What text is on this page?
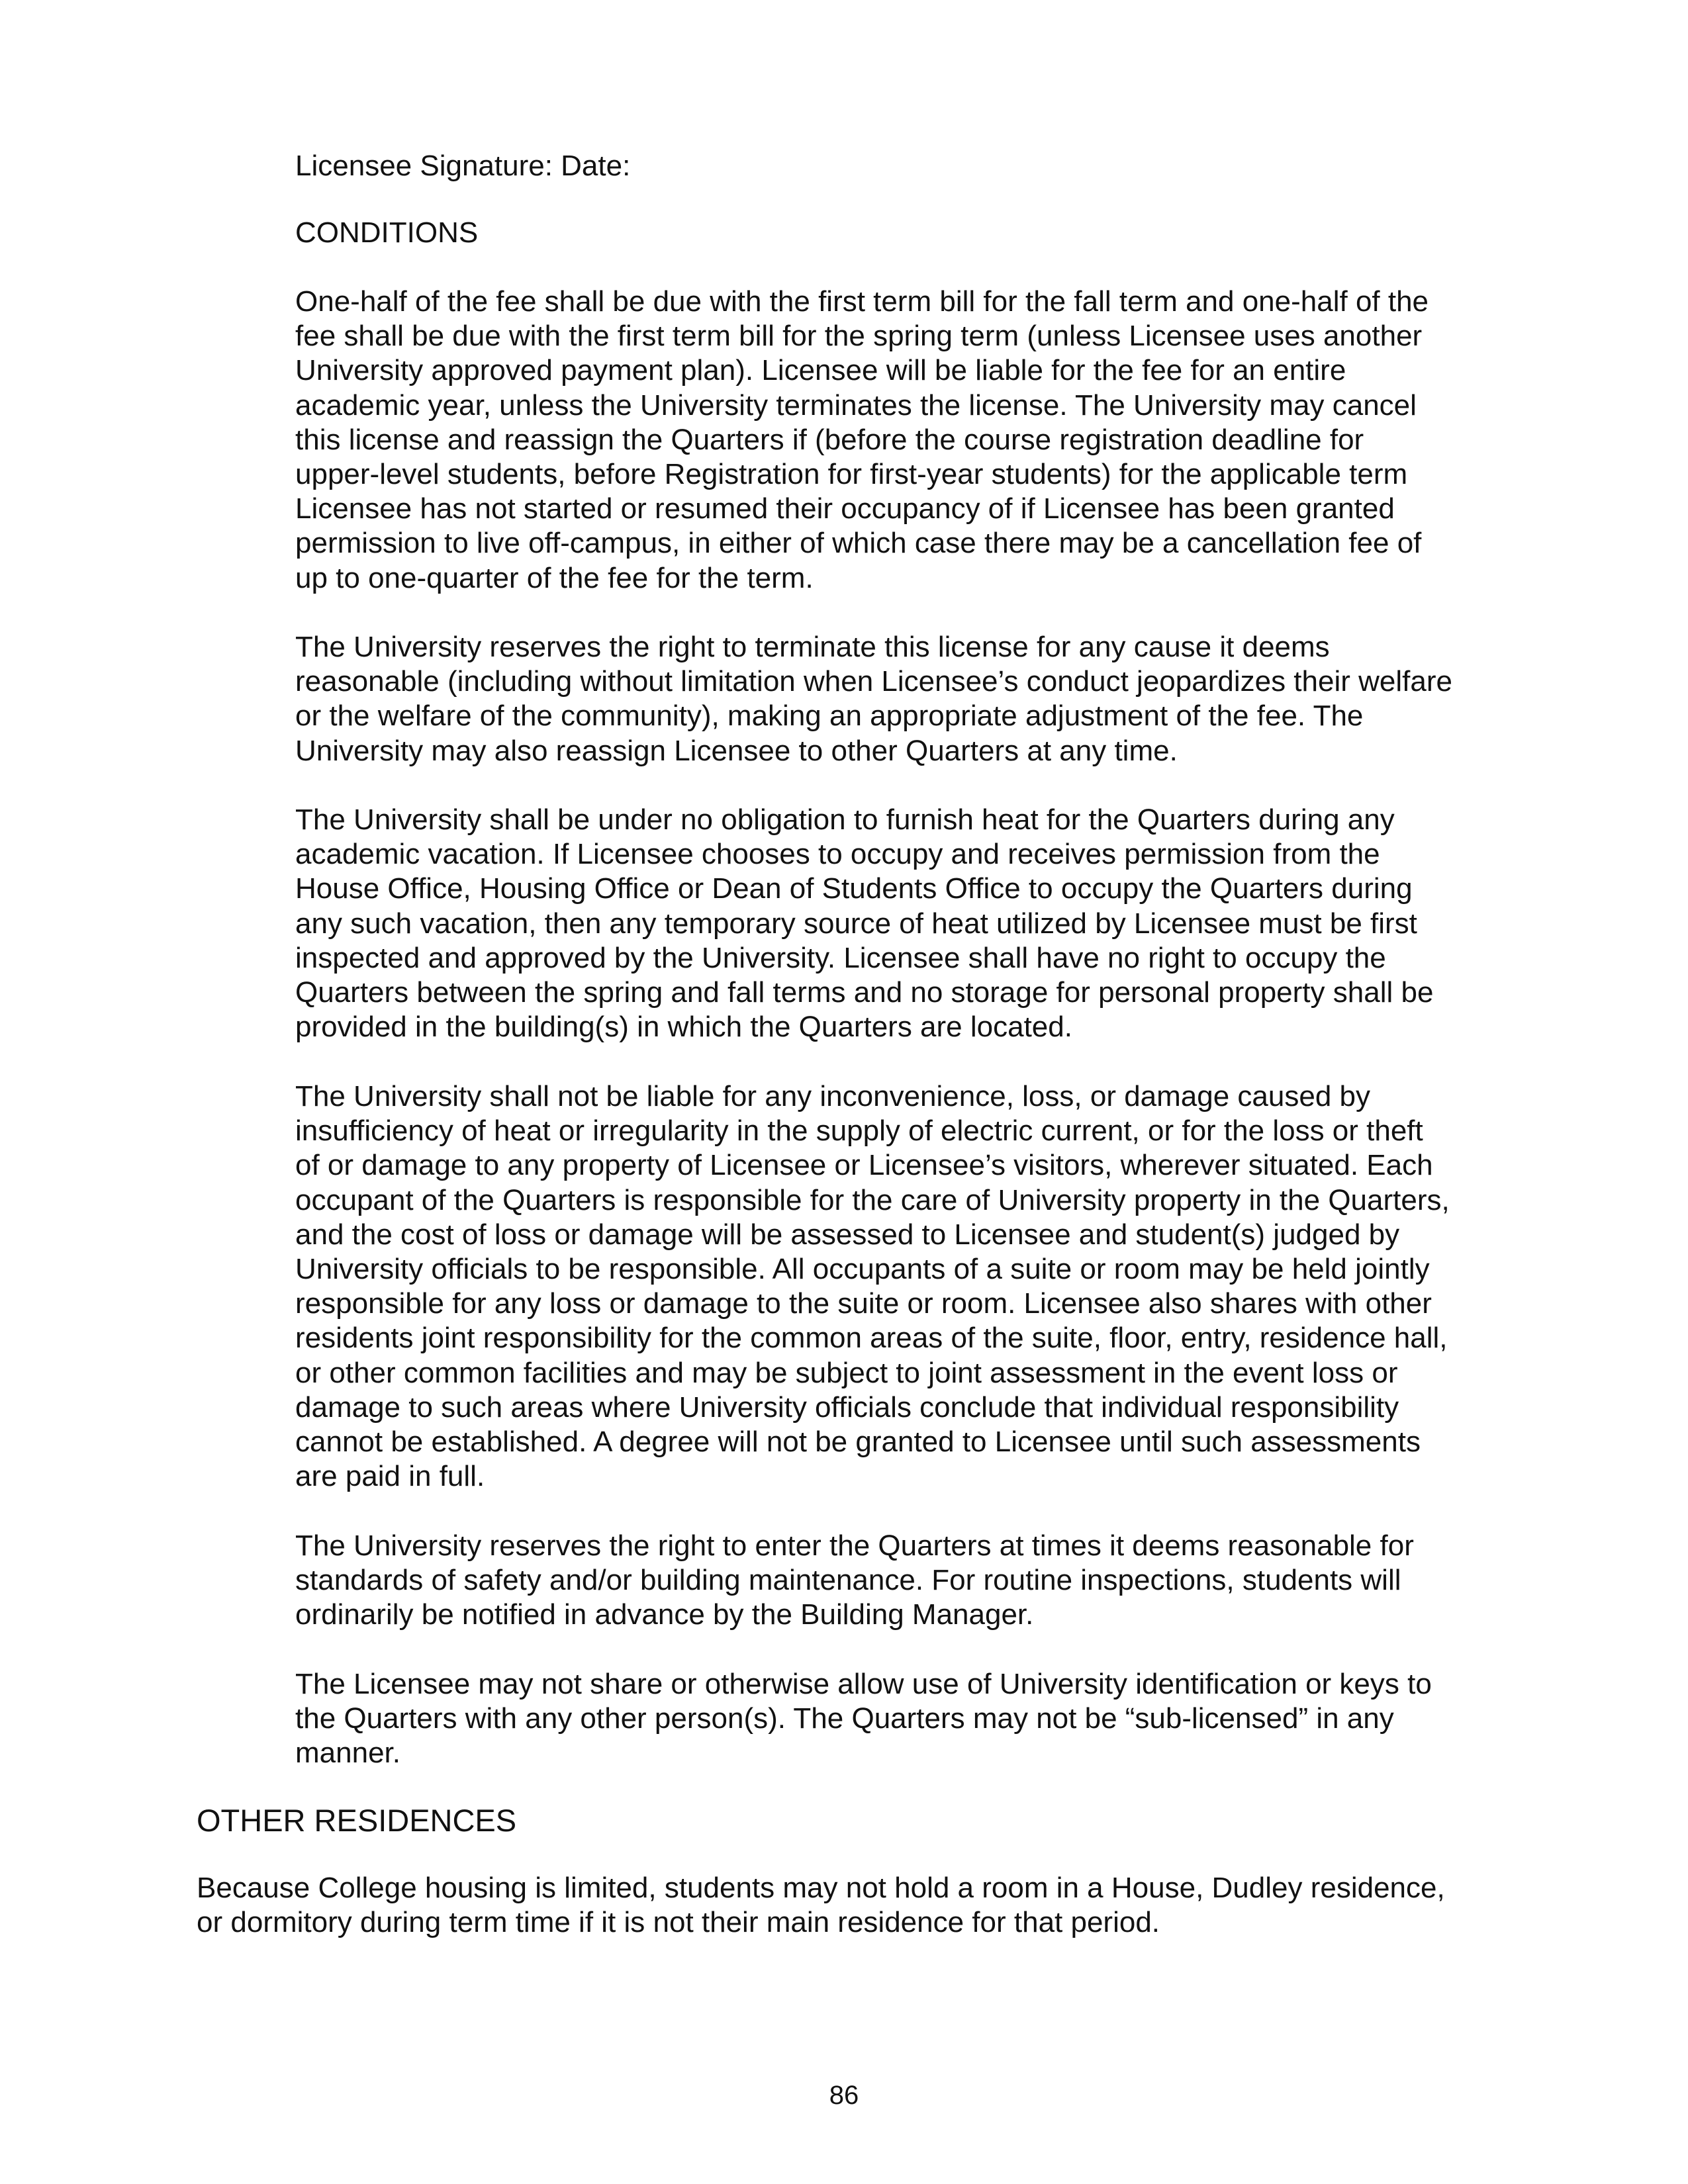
Licensee Signature: Date:
CONDITIONS
One-half of the fee shall be due with the first term bill for the fall term and one-half of the
fee shall be due with the first term bill for the spring term (unless Licensee uses another
University approved payment plan). Licensee will be liable for the fee for an entire
academic year, unless the University terminates the license. The University may cancel
this license and reassign the Quarters if (before the course registration deadline for
upper-level students, before Registration for first-year students) for the applicable term
Licensee has not started or resumed their occupancy of if Licensee has been granted
permission to live off-campus, in either of which case there may be a cancellation fee of
up to one-quarter of the fee for the term.
The University reserves the right to terminate this license for any cause it deems
reasonable (including without limitation when Licensee’s conduct jeopardizes their welfare
or the welfare of the community), making an appropriate adjustment of the fee. The
University may also reassign Licensee to other Quarters at any time.
The University shall be under no obligation to furnish heat for the Quarters during any
academic vacation. If Licensee chooses to occupy and receives permission from the
House Office, Housing Office or Dean of Students Office to occupy the Quarters during
any such vacation, then any temporary source of heat utilized by Licensee must be first
inspected and approved by the University. Licensee shall have no right to occupy the
Quarters between the spring and fall terms and no storage for personal property shall be
provided in the building(s) in which the Quarters are located.
The University shall not be liable for any inconvenience, loss, or damage caused by
insufficiency of heat or irregularity in the supply of electric current, or for the loss or theft
of or damage to any property of Licensee or Licensee’s visitors, wherever situated. Each
occupant of the Quarters is responsible for the care of University property in the Quarters,
and the cost of loss or damage will be assessed to Licensee and student(s) judged by
University officials to be responsible. All occupants of a suite or room may be held jointly
responsible for any loss or damage to the suite or room. Licensee also shares with other
residents joint responsibility for the common areas of the suite, floor, entry, residence hall,
or other common facilities and may be subject to joint assessment in the event loss or
damage to such areas where University officials conclude that individual responsibility
cannot be established. A degree will not be granted to Licensee until such assessments
are paid in full.
The University reserves the right to enter the Quarters at times it deems reasonable for
standards of safety and/or building maintenance. For routine inspections, students will
ordinarily be notified in advance by the Building Manager.
The Licensee may not share or otherwise allow use of University identification or keys to
the Quarters with any other person(s). The Quarters may not be “sub-licensed” in any
manner.
OTHER RESIDENCES
Because College housing is limited, students may not hold a room in a House, Dudley residence,
or dormitory during term time if it is not their main residence for that period.
86
